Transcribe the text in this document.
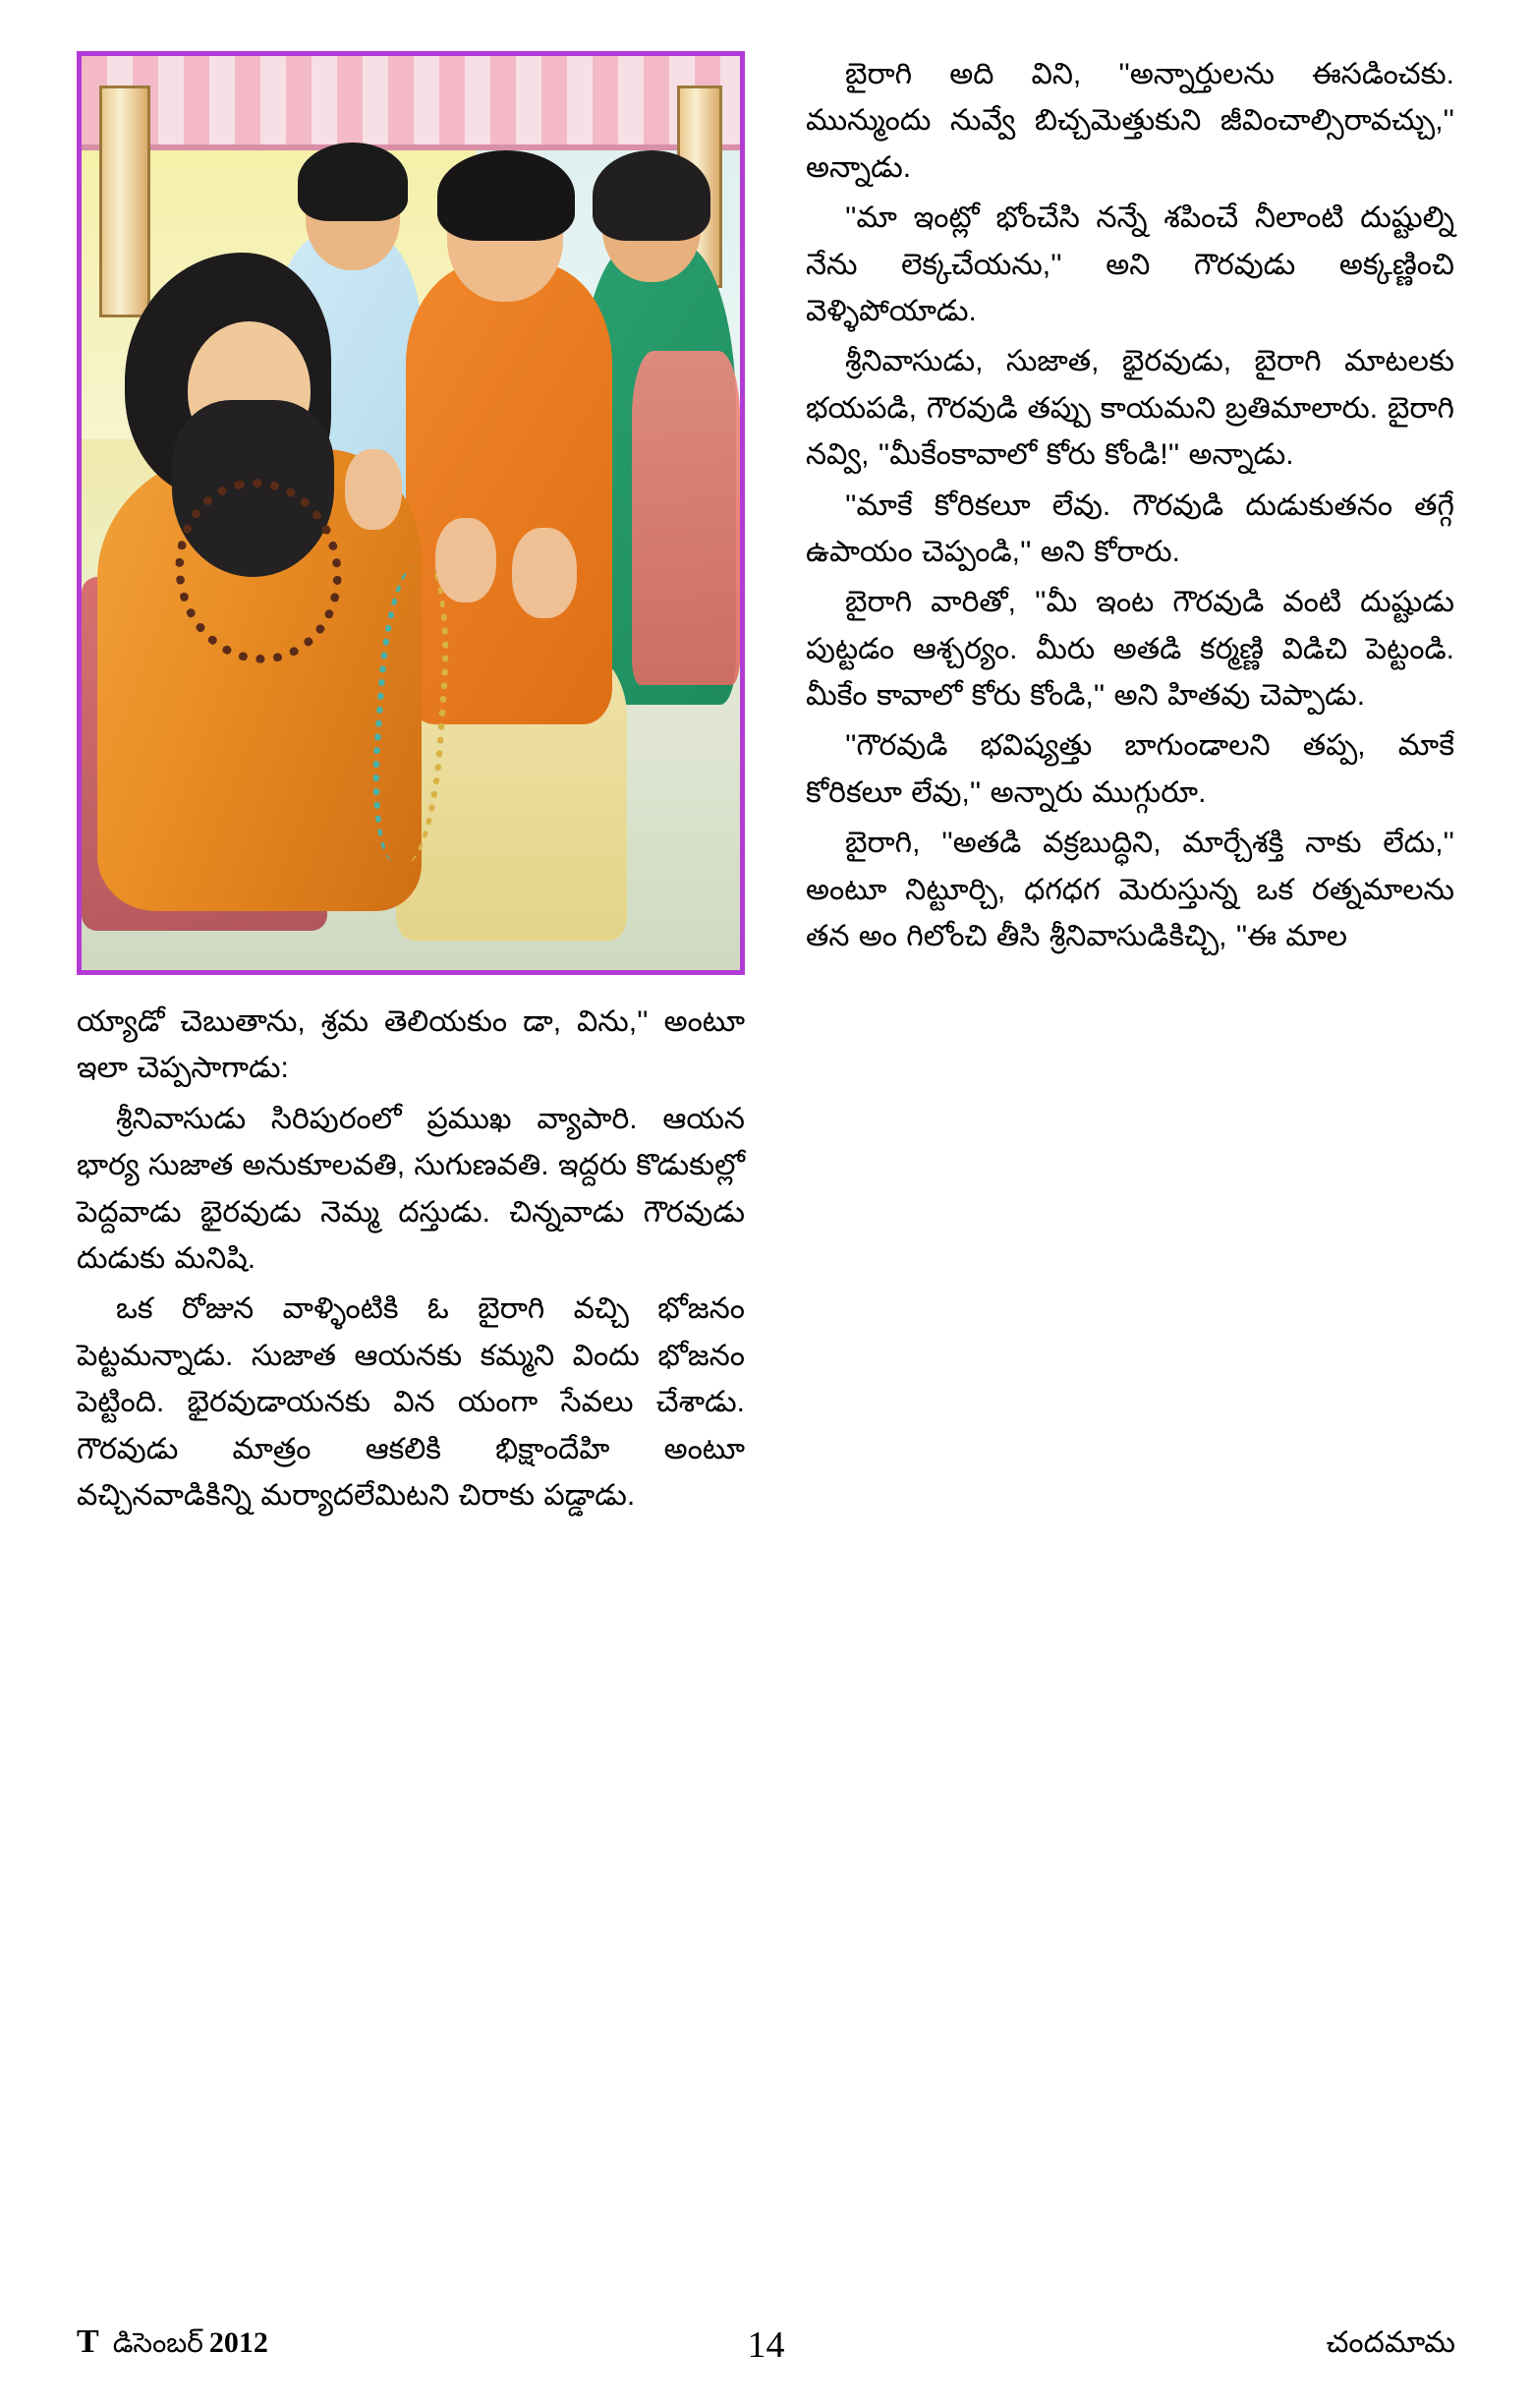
య్యాడో చెబుతాను, శ్రమ తెలియకుం డా, విను,'' అంటూ ఇలా చెప్పసాగాడు:

శ్రీనివాసుడు సిరిపురంలో ప్రముఖ వ్యాపారి. ఆయన భార్య సుజాత అనుకూలవతి, సుగుణవతి. ఇద్దరు కొడుకుల్లో పెద్దవాడు భైరవుడు నెమ్మ దస్తుడు. చిన్నవాడు గౌరవుడు దుడుకు మనిషి.

ఒక రోజున వాళ్ళింటికి ఓ బైరాగి వచ్చి భోజనం పెట్టమన్నాడు. సుజాత ఆయనకు కమ్మని విందు భోజనం పెట్టింది. భైరవుడాయనకు విన యంగా సేవలు చేశాడు. గౌరవుడు మాత్రం ఆకలికి భిక్షాందేహి అంటూ వచ్చినవాడికిన్ని మర్యాదలేమిటని చిరాకు పడ్డాడు.

బైరాగి అది విని, ''అన్నార్తులను ఈసడించకు. మున్ముందు నువ్వే బిచ్చమెత్తుకుని జీవించాల్సిరావచ్చు,'' అన్నాడు.

''మా ఇంట్లో భోంచేసి నన్నే శపించే నీలాంటి దుష్టుల్ని నేను లెక్కచేయను,'' అని గౌరవుడు అక్కణ్ణించి వెళ్ళిపోయాడు.

శ్రీనివాసుడు, సుజాత, భైరవుడు, బైరాగి మాటలకు భయపడి, గౌరవుడి తప్పు కాయమని బ్రతిమాలారు. బైరాగి నవ్వి, ''మీకేంకావాలో కోరు కోండి!'' అన్నాడు.

''మాకే కోరికలూ లేవు. గౌరవుడి దుడుకుతనం తగ్గే ఉపాయం చెప్పండి,'' అని కోరారు.

బైరాగి వారితో, ''మీ ఇంట గౌరవుడి వంటి దుష్టుడు పుట్టడం ఆశ్చర్యం. మీరు అతడి కర్మణ్ణి విడిచి పెట్టండి. మీకేం కావాలో కోరు కోండి,'' అని హితవు చెప్పాడు.

''గౌరవుడి భవిష్యత్తు బాగుండాలని తప్ప, మాకే కోరికలూ లేవు,'' అన్నారు ముగ్గురూ.

బైరాగి, ''అతడి వక్రబుద్ధిని, మార్చేశక్తి నాకు లేదు,'' అంటూ నిట్టూర్చి, ధగధగ మెరుస్తున్న ఒక రత్నమాలను తన అం గిలోంచి తీసి శ్రీనివాసుడికిచ్చి, ''ఈ మాల

T డిసెంబర్ 2012	14	చందమామ
